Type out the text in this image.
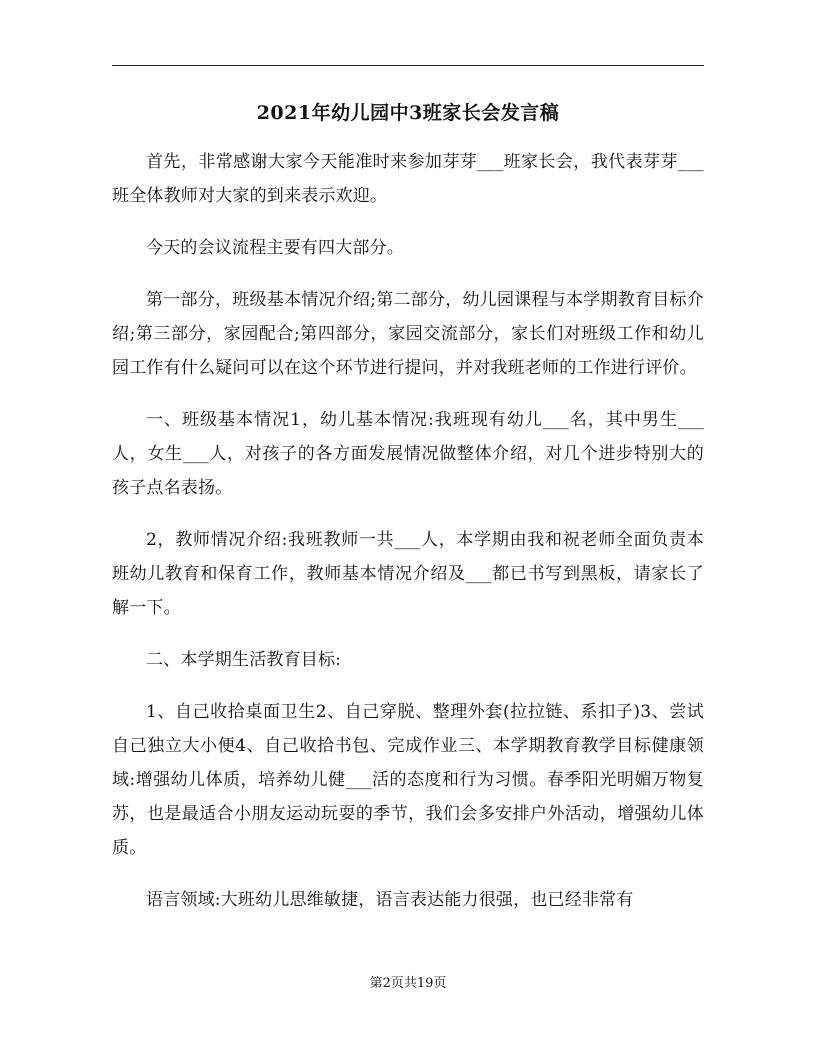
2021年幼儿园中3班家长会发言稿

首先，非常感谢大家今天能准时来参加芽芽___班家长会，我代表芽芽___班全体教师对大家的到来表示欢迎。

今天的会议流程主要有四大部分。

第一部分，班级基本情况介绍;第二部分，幼儿园课程与本学期教育目标介绍;第三部分，家园配合;第四部分，家园交流部分，家长们对班级工作和幼儿园工作有什么疑问可以在这个环节进行提问，并对我班老师的工作进行评价。

一、班级基本情况1，幼儿基本情况:我班现有幼儿___名，其中男生___人，女生___人，对孩子的各方面发展情况做整体介绍，对几个进步特别大的孩子点名表扬。

2，教师情况介绍:我班教师一共___人，本学期由我和祝老师全面负责本班幼儿教育和保育工作，教师基本情况介绍及___都已书写到黑板，请家长了解一下。

二、本学期生活教育目标:

1、自己收拾桌面卫生2、自己穿脱、整理外套(拉拉链、系扣子)3、尝试自己独立大小便4、自己收拾书包、完成作业三、本学期教育教学目标健康领域:增强幼儿体质，培养幼儿健___活的态度和行为习惯。春季阳光明媚万物复苏，也是最适合小朋友运动玩耍的季节，我们会多安排户外活动，增强幼儿体质。

语言领域:大班幼儿思维敏捷，语言表达能力很强，也已经非常有

第2页共19页
